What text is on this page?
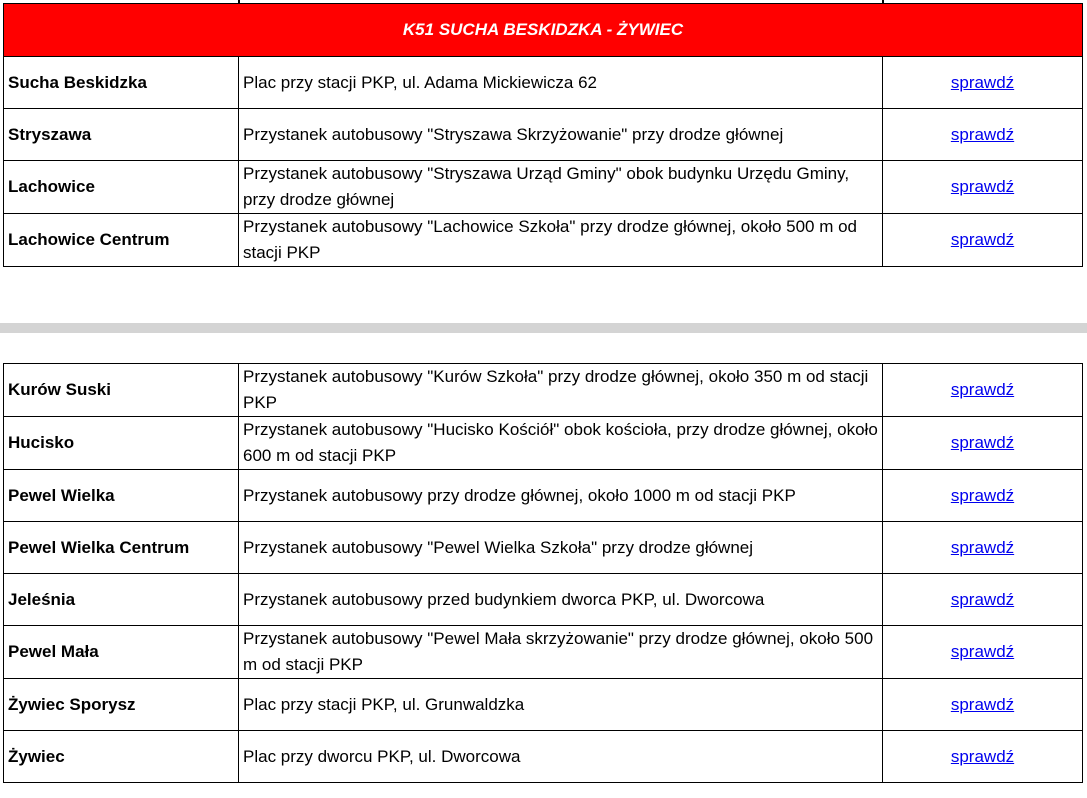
K51 SUCHA BESKIDZKA - ŻYWIEC		
Sucha Beskidzka	Plac przy stacji PKP, ul. Adama Mickiewicza 62	sprawdź
Stryszawa	Przystanek autobusowy "Stryszawa Skrzyżowanie" przy drodze głównej	sprawdź
Lachowice	Przystanek autobusowy "Stryszawa Urząd Gminy" obok budynku Urzędu Gminy, przy drodze głównej	sprawdź
Lachowice Centrum	Przystanek autobusowy "Lachowice Szkoła" przy drodze głównej, około 500 m od stacji PKP	sprawdź
Kurów Suski	Przystanek autobusowy "Kurów Szkoła" przy drodze głównej, około 350 m od stacji PKP	sprawdź
Hucisko	Przystanek autobusowy "Hucisko Kościół" obok kościoła, przy drodze głównej, około 600 m od stacji PKP	sprawdź
Pewel Wielka	Przystanek autobusowy przy drodze głównej, około 1000 m od stacji PKP	sprawdź
Pewel Wielka Centrum	Przystanek autobusowy "Pewel Wielka Szkoła" przy drodze głównej	sprawdź
Jeleśnia	Przystanek autobusowy przed budynkiem dworca PKP, ul. Dworcowa	sprawdź
Pewel Mała	Przystanek autobusowy "Pewel Mała skrzyżowanie" przy drodze głównej, około 500 m od stacji PKP	sprawdź
Żywiec Sporysz	Plac przy stacji PKP, ul. Grunwaldzka	sprawdź
Żywiec	Plac przy dworcu PKP, ul. Dworcowa	sprawdź
